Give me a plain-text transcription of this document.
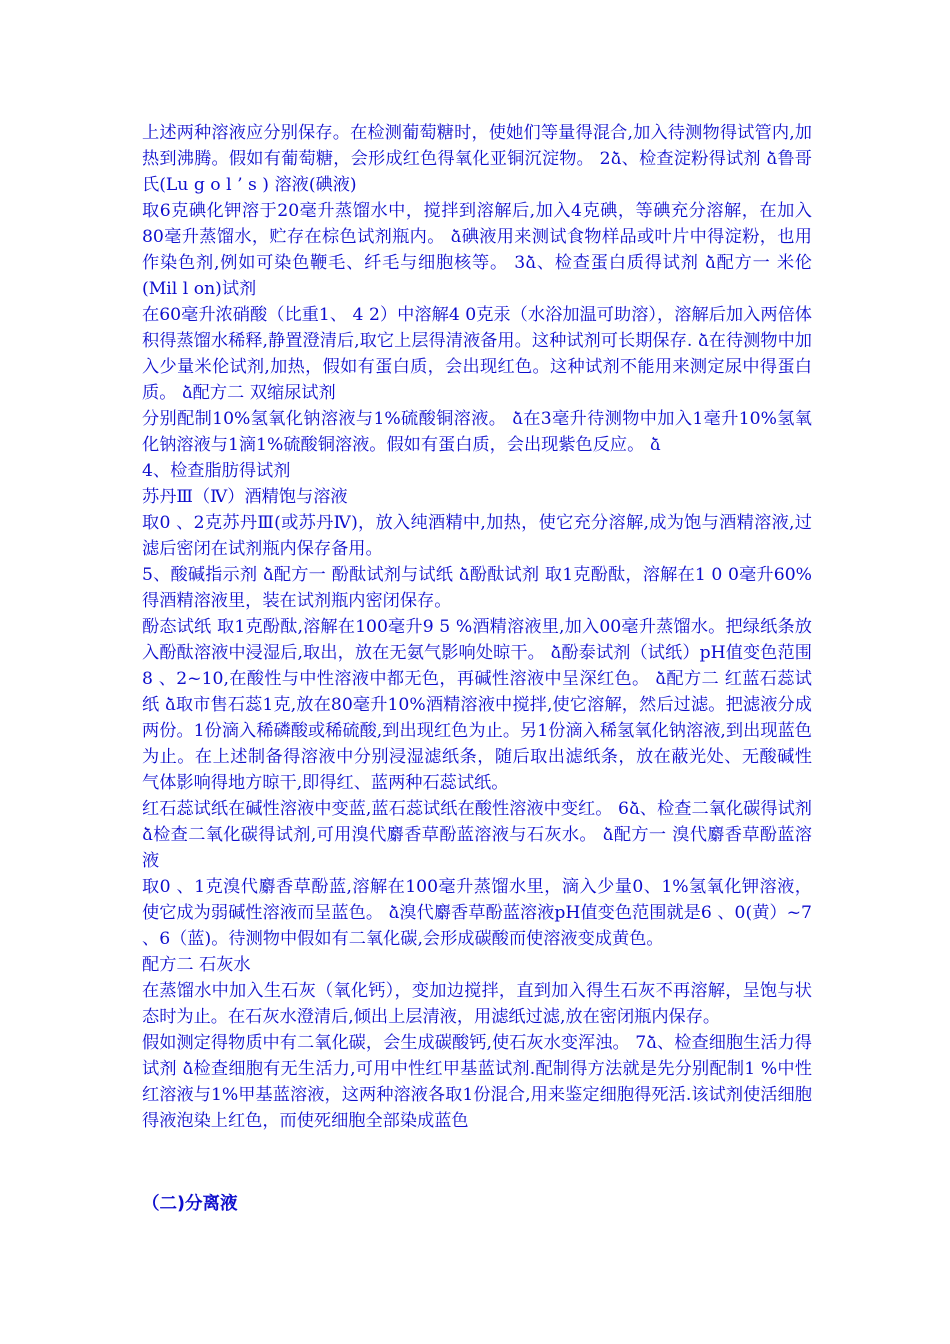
上述两种溶液应分别保存。在检测葡萄糖时，使她们等量得混合,加入待测物得试管内,加热到沸腾。假如有葡萄糖，会形成红色得氧化亚铜沉淀物。 2ձ、检查淀粉得试剂 ձ鲁哥氏(Lu g o l ’ s ) 溶液(碘液)

取6克碘化钾溶于20毫升蒸馏水中，搅拌到溶解后,加入4克碘，等碘充分溶解，在加入80毫升蒸馏水，贮存在棕色试剂瓶内。 ձ碘液用来测试食物样品或叶片中得淀粉，也用作染色剂,例如可染色鞭毛、纤毛与细胞核等。 3ձ、检查蛋白质得试剂 ձ配方一 米伦(Mil l on)试剂

在60毫升浓硝酸（比重1、 4 2）中溶解4 0克汞（水浴加温可助溶），溶解后加入两倍体积得蒸馏水稀释,静置澄清后,取它上层得清液备用。这种试剂可长期保存. ձ在待测物中加入少量米伦试剂,加热，假如有蛋白质，会出现红色。这种试剂不能用来测定尿中得蛋白质。 ձ配方二 双缩尿试剂

分别配制10%氢氧化钠溶液与1%硫酸铜溶液。 ձ在3毫升待测物中加入1毫升10%氢氧化钠溶液与1滴1%硫酸铜溶液。假如有蛋白质，会出现紫色反应。 ձ

4、检查脂肪得试剂

苏丹Ⅲ（Ⅳ）酒精饱与溶液

取0 、2克苏丹Ⅲ(或苏丹Ⅳ)，放入纯酒精中,加热，使它充分溶解,成为饱与酒精溶液,过滤后密闭在试剂瓶内保存备用。

5、酸碱指示剂 ձ配方一 酚酞试剂与试纸 ձ酚酞试剂 取1克酚酞，溶解在1 0 0毫升60%得酒精溶液里，装在试剂瓶内密闭保存。

酚态试纸 取1克酚酞,溶解在100毫升9 5 %酒精溶液里,加入00毫升蒸馏水。把绿纸条放入酚酞溶液中浸湿后,取出，放在无氨气影响处晾干。 ձ酚泰试剂（试纸）pH值变色范围8 、2~10,在酸性与中性溶液中都无色，再碱性溶液中呈深红色。 ձ配方二 红蓝石蕊试纸 ձ取市售石蕊1克,放在80毫升10%酒精溶液中搅拌,使它溶解，然后过滤。把滤液分成两份。1份滴入稀磷酸或稀硫酸,到出现红色为止。另1份滴入稀氢氧化钠溶液,到出现蓝色为止。在上述制备得溶液中分别浸湿滤纸条，随后取出滤纸条，放在蔽光处、无酸碱性气体影响得地方晾干,即得红、蓝两种石蕊试纸。

红石蕊试纸在碱性溶液中变蓝,蓝石蕊试纸在酸性溶液中变红。 6ձ、检查二氧化碳得试剂 ձ检查二氧化碳得试剂,可用溴代麝香草酚蓝溶液与石灰水。 ձ配方一 溴代麝香草酚蓝溶液

取0 、1克溴代麝香草酚蓝,溶解在100毫升蒸馏水里，滴入少量0、1%氢氧化钾溶液，使它成为弱碱性溶液而呈蓝色。 ձ溴代麝香草酚蓝溶液pH值变色范围就是6 、0(黄）~7 、6（蓝)。待测物中假如有二氧化碳,会形成碳酸而使溶液变成黄色。

配方二 石灰水

在蒸馏水中加入生石灰（氧化钙），变加边搅拌，直到加入得生石灰不再溶解，呈饱与状态时为止。在石灰水澄清后,倾出上层清液，用滤纸过滤,放在密闭瓶内保存。

假如测定得物质中有二氧化碳，会生成碳酸钙,使石灰水变浑浊。 7ձ、检查细胞生活力得试剂 ձ检查细胞有无生活力,可用中性红甲基蓝试剂.配制得方法就是先分别配制1 %中性红溶液与1%甲基蓝溶液，这两种溶液各取1份混合,用来鉴定细胞得死活.该试剂使活细胞得液泡染上红色，而使死细胞全部染成蓝色

（二)分离液
